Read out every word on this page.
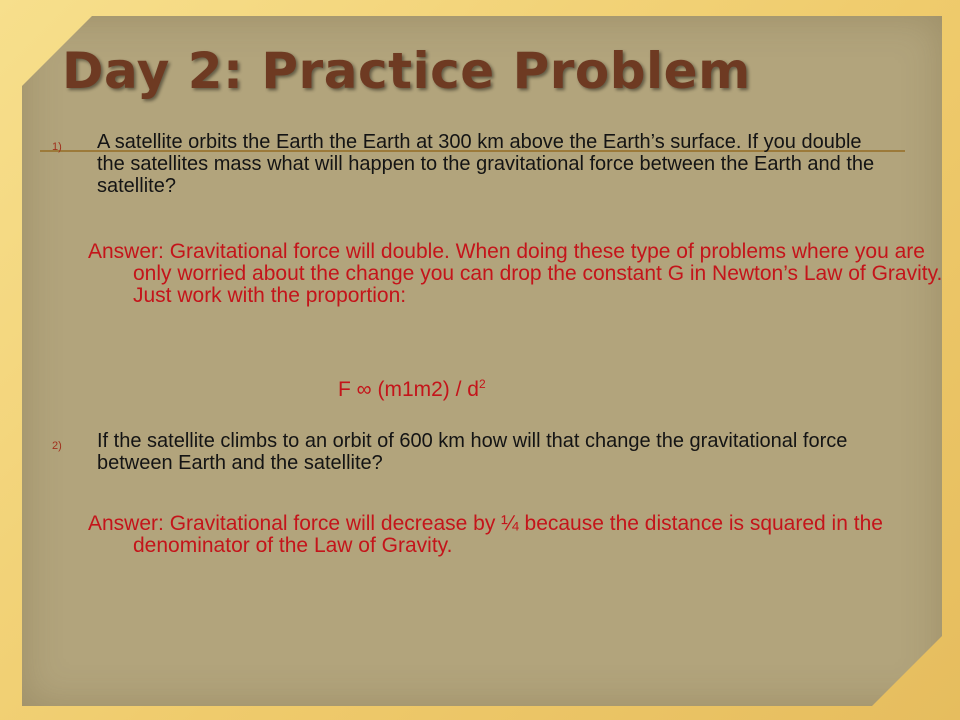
Day 2: Practice Problem
1) A satellite orbits the Earth the Earth at 300 km above the Earth’s surface. If you double the satellites mass what will happen to the gravitational force between the Earth and the satellite?
Answer: Gravitational force will double. When doing these type of problems where you are only worried about the change you can drop the constant G in Newton’s Law of Gravity. Just work with the proportion:
F ∞ $(m1m2) / d^2$
2) If the satellite climbs to an orbit of 600 km how will that change the gravitational force between Earth and the satellite?
Answer: Gravitational force will decrease by ¼ because the distance is squared in the denominator of the Law of Gravity.
